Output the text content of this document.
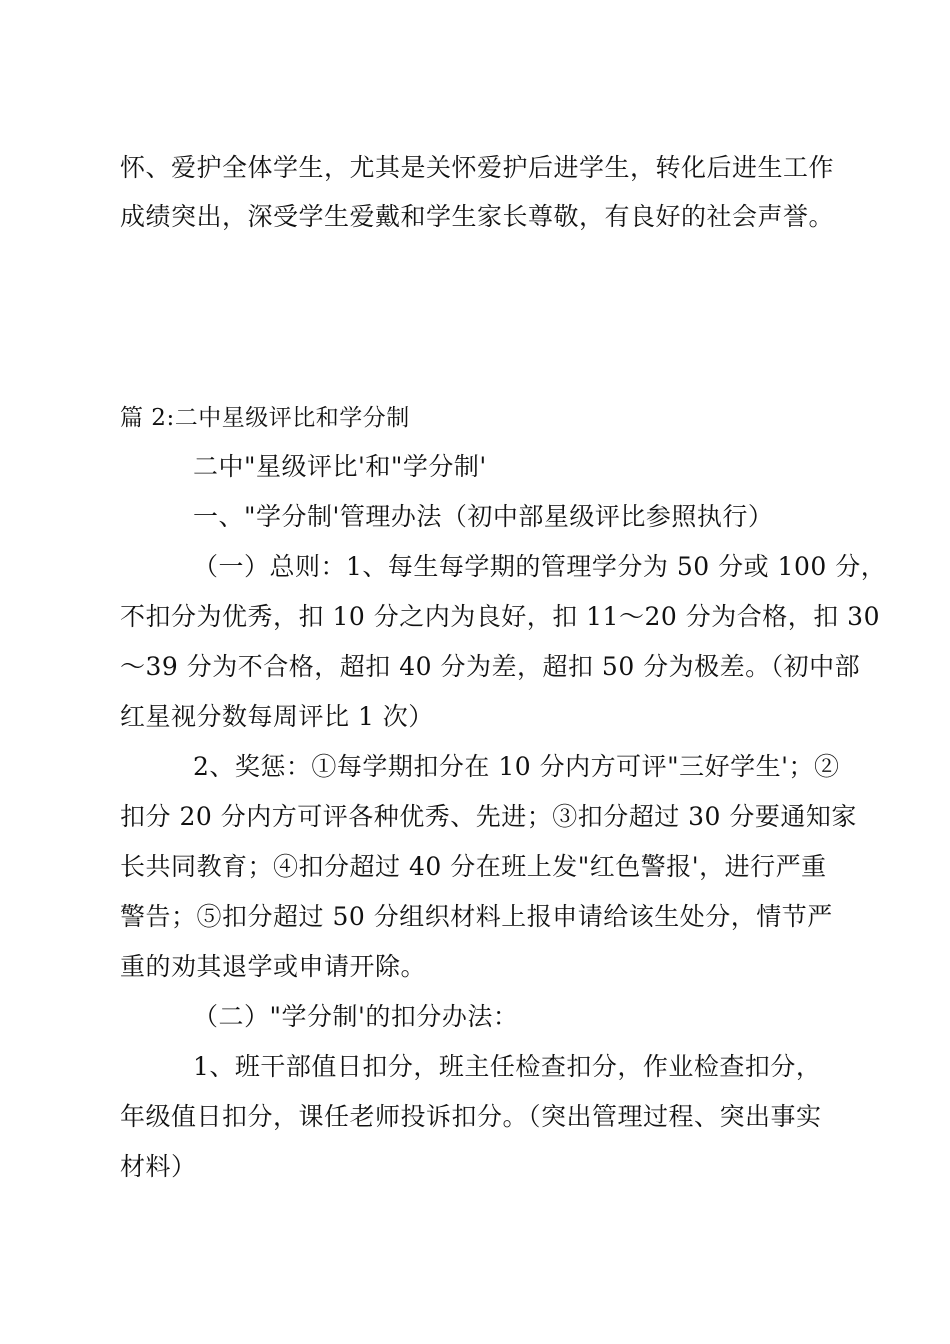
怀、爱护全体学生，尤其是关怀爱护后进学生，转化后进生工作
成绩突出，深受学生爱戴和学生家长尊敬，有良好的社会声誉。
篇 2:二中星级评比和学分制
二中"星级评比'和"学分制'
一、"学分制'管理办法（初中部星级评比参照执行）
（一）总则：1、每生每学期的管理学分为 50 分或 100 分，
不扣分为优秀，扣 10 分之内为良好，扣 11～20 分为合格，扣 30
～39 分为不合格，超扣 40 分为差，超扣 50 分为极差。（初中部
红星视分数每周评比 1 次）
2、奖惩：①每学期扣分在 10 分内方可评"三好学生'；②
扣分 20 分内方可评各种优秀、先进；③扣分超过 30 分要通知家
长共同教育；④扣分超过 40 分在班上发"红色警报'，进行严重
警告；⑤扣分超过 50 分组织材料上报申请给该生处分，情节严
重的劝其退学或申请开除。
（二）"学分制'的扣分办法：
1、班干部值日扣分，班主任检查扣分，作业检查扣分，
年级值日扣分，课任老师投诉扣分。（突出管理过程、突出事实
材料）
